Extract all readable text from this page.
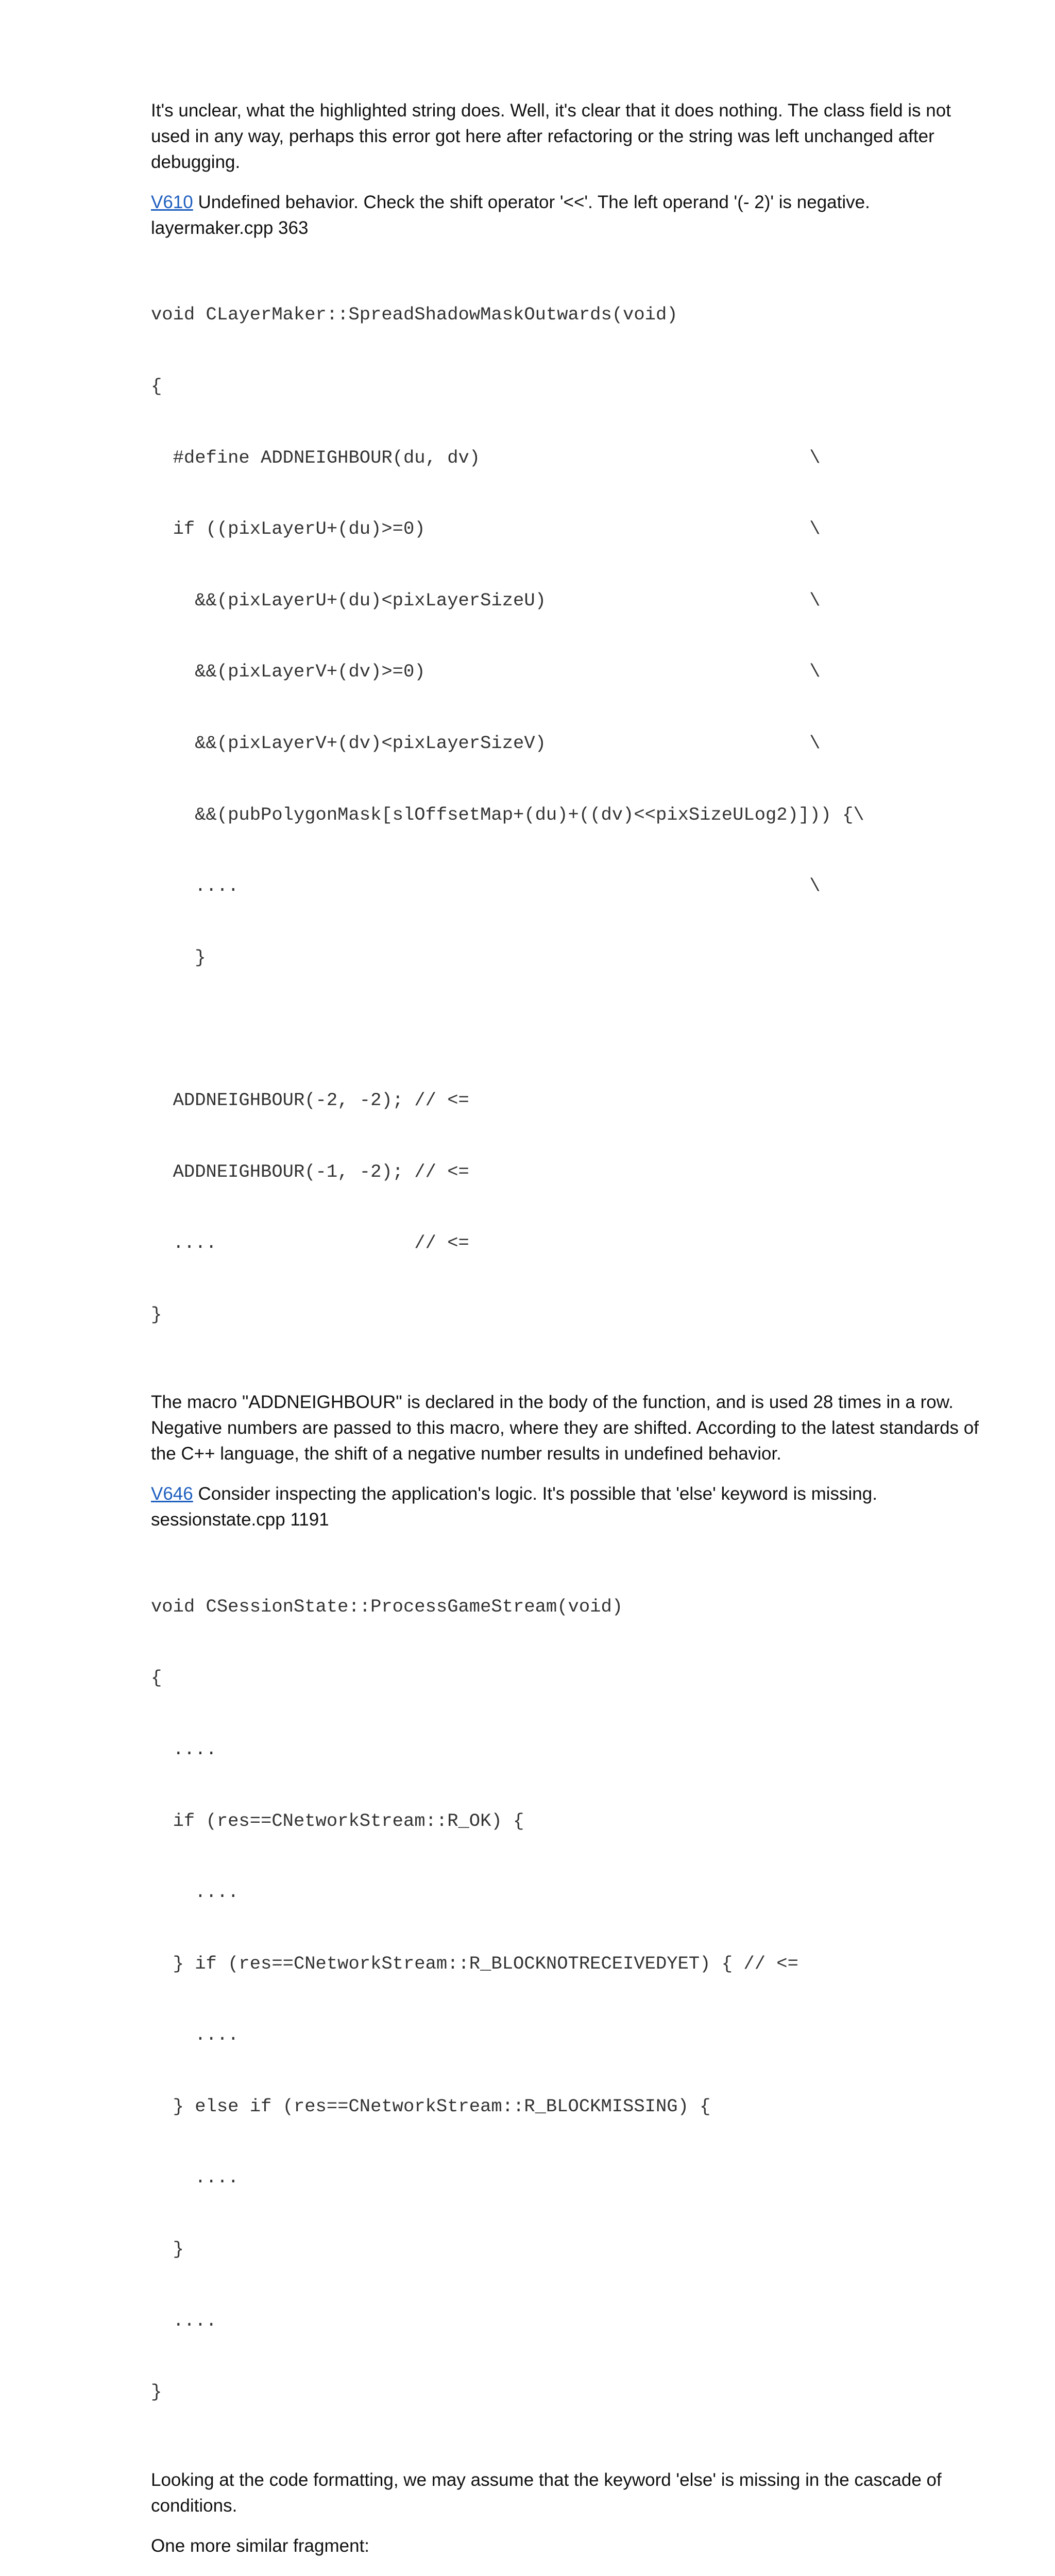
It's unclear, what the highlighted string does. Well, it's clear that it does nothing. The class field is not used in any way, perhaps this error got here after refactoring or the string was left unchanged after debugging.

V610 Undefined behavior. Check the shift operator '<<'. The left operand '(- 2)' is negative. layermaker.cpp 363

void CLayerMaker::SpreadShadowMaskOutwards(void)

{

#define ADDNEIGHBOUR(du, dv)                              \

if ((pixLayerU+(du)>=0)                                   \

&&(pixLayerU+(du)<pixLayerSizeU)                        \

&&(pixLayerV+(dv)>=0)                                   \

&&(pixLayerV+(dv)<pixLayerSizeV)                        \

&&(pubPolygonMask[slOffsetMap+(du)+((dv)<<pixSizeULog2)])) {\

....                                                    \

}

ADDNEIGHBOUR(-2, -2); // <=

ADDNEIGHBOUR(-1, -2); // <=

....                  // <=

}

The macro "ADDNEIGHBOUR" is declared in the body of the function, and is used 28 times in a row. Negative numbers are passed to this macro, where they are shifted. According to the latest standards of the C++ language, the shift of a negative number results in undefined behavior.

V646 Consider inspecting the application's logic. It's possible that 'else' keyword is missing. sessionstate.cpp 1191

void CSessionState::ProcessGameStream(void)

{

....

if (res==CNetworkStream::R_OK) {

....

} if (res==CNetworkStream::R_BLOCKNOTRECEIVEDYET) { // <=

....

} else if (res==CNetworkStream::R_BLOCKMISSING) {

....

}

....

}

Looking at the code formatting, we may assume that the keyword 'else' is missing in the cascade of conditions.

One more similar fragment:
